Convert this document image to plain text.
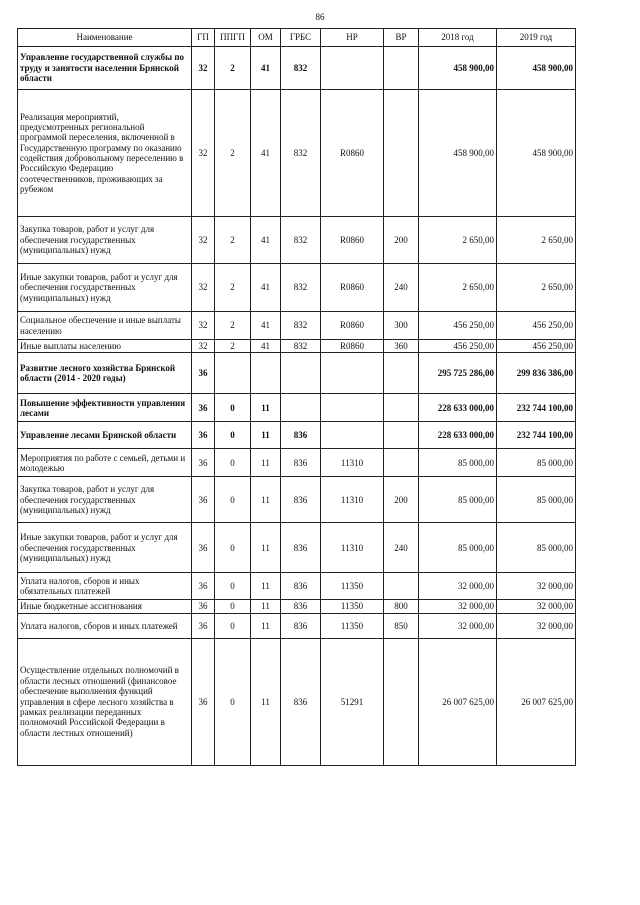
86
Наименование	ГП	ППГП	ОМ	ГРБС	НР	ВР	2018 год	2019 год
Управление государственной службы по труду и занятости населения Брянской области	32	2	41	832			458 900,00	458 900,00
Реализация мероприятий, предусмотренных региональной программой переселения, включенной в Государственную программу по оказанию содействия добровольному переселению в Российскую Федерацию соотечественников, проживающих за рубежом	32	2	41	832	R0860		458 900,00	458 900,00
Закупка товаров, работ и услуг для обеспечения государственных (муниципальных) нужд	32	2	41	832	R0860	200	2 650,00	2 650,00
Иные закупки товаров, работ и услуг для обеспечения государственных (муниципальных) нужд	32	2	41	832	R0860	240	2 650,00	2 650,00
Социальное обеспечение и иные выплаты населению	32	2	41	832	R0860	300	456 250,00	456 250,00
Иные выплаты населению	32	2	41	832	R0860	360	456 250,00	456 250,00
Развитие лесного хозяйства Брянской области (2014 - 2020 годы)	36						295 725 286,00	299 836 386,00
Повышение эффективности управления лесами	36	0	11				228 633 000,00	232 744 100,00
Управление лесами Брянской области	36	0	11	836			228 633 000,00	232 744 100,00
Мероприятия по работе с семьей, детьми и молодежью	36	0	11	836	11310		85 000,00	85 000,00
Закупка товаров, работ и услуг для обеспечения государственных (муниципальных) нужд	36	0	11	836	11310	200	85 000,00	85 000,00
Иные закупки товаров, работ и услуг для обеспечения государственных (муниципальных) нужд	36	0	11	836	11310	240	85 000,00	85 000,00
Уплата налогов, сборов и иных обязательных платежей	36	0	11	836	11350		32 000,00	32 000,00
Иные бюджетные ассигнования	36	0	11	836	11350	800	32 000,00	32 000,00
Уплата налогов, сборов и иных платежей	36	0	11	836	11350	850	32 000,00	32 000,00
Осуществление отдельных полномочий в области лесных отношений (финансовое обеспечение выполнения функций управления в сфере лесного хозяйства в рамках реализации переданных полномочий Российской Федерации в области лестных отношений)	36	0	11	836	51291		26 007 625,00	26 007 625,00
